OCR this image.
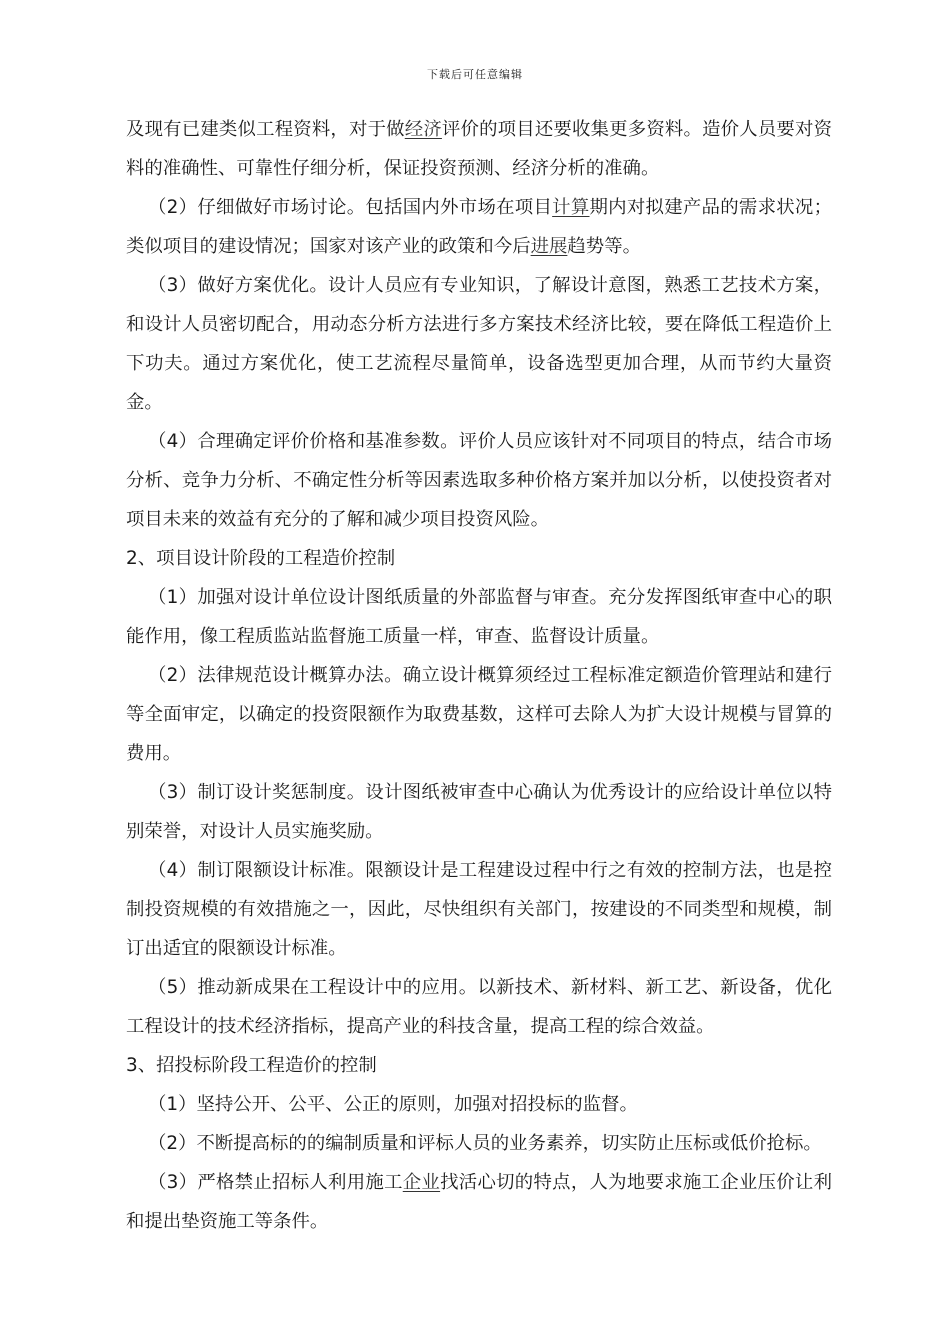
下载后可任意编辑

及现有已建类似工程资料，对于做经济评价的项目还要收集更多资料。造价人员要对资料的准确性、可靠性仔细分析，保证投资预测、经济分析的准确。

（2）仔细做好市场讨论。包括国内外市场在项目计算期内对拟建产品的需求状况；类似项目的建设情况；国家对该产业的政策和今后进展趋势等。

（3）做好方案优化。设计人员应有专业知识，了解设计意图，熟悉工艺技术方案，和设计人员密切配合，用动态分析方法进行多方案技术经济比较，要在降低工程造价上下功夫。通过方案优化，使工艺流程尽量简单，设备选型更加合理，从而节约大量资金。

（4）合理确定评价价格和基准参数。评价人员应该针对不同项目的特点，结合市场分析、竞争力分析、不确定性分析等因素选取多种价格方案并加以分析，以使投资者对项目未来的效益有充分的了解和减少项目投资风险。

2、项目设计阶段的工程造价控制

（1）加强对设计单位设计图纸质量的外部监督与审查。充分发挥图纸审查中心的职能作用，像工程质监站监督施工质量一样，审查、监督设计质量。

（2）法律规范设计概算办法。确立设计概算须经过工程标准定额造价管理站和建行等全面审定，以确定的投资限额作为取费基数，这样可去除人为扩大设计规模与冒算的费用。

（3）制订设计奖惩制度。设计图纸被审查中心确认为优秀设计的应给设计单位以特别荣誉，对设计人员实施奖励。

（4）制订限额设计标准。限额设计是工程建设过程中行之有效的控制方法，也是控制投资规模的有效措施之一，因此，尽快组织有关部门，按建设的不同类型和规模，制订出适宜的限额设计标准。

（5）推动新成果在工程设计中的应用。以新技术、新材料、新工艺、新设备，优化工程设计的技术经济指标，提高产业的科技含量，提高工程的综合效益。

3、招投标阶段工程造价的控制

（1）坚持公开、公平、公正的原则，加强对招投标的监督。

（2）不断提高标的的编制质量和评标人员的业务素养，切实防止压标或低价抢标。

（3）严格禁止招标人利用施工企业找活心切的特点，人为地要求施工企业压价让利和提出垫资施工等条件。
